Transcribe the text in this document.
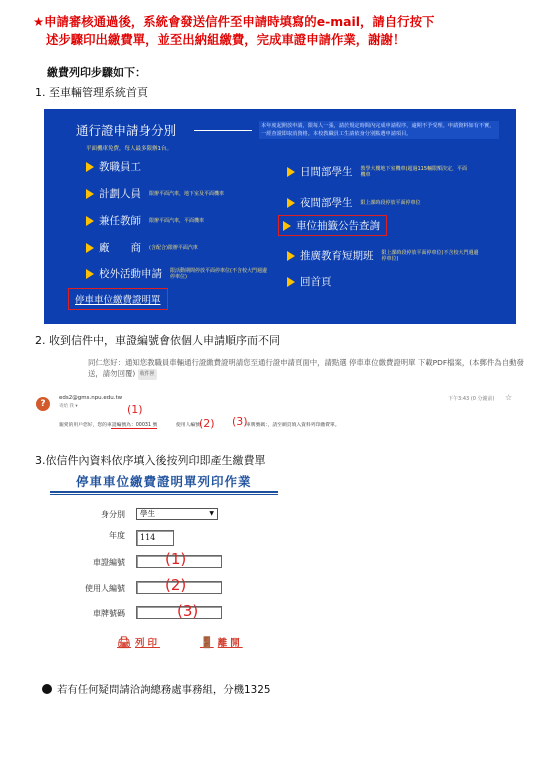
★申請審核通過後，系統會發送信件至申請時填寫的e-mail，請自行按下
述步驟印出繳費單，並至出納組繳費，完成車證申請作業，謝謝！
繳費列印步驟如下：
1. 至車輛管理系統首頁
通行證申請身分別	本年度起開放申請，限每人一張，請於規定時間內完成申請程序，逾期不予受理。申請資料如有不實，一經查證即取消資格。本校教職員工生請依身分別點選申請項目。
平面機車免費，每人最多限辦1台。
教職員工
計劃人員 限辦平面汽車，地下室及平面機車
兼任教師 限辦平面汽車，平面機車
廠　　商 (含配合)限辦平面汽車
校外活動申請 限活動期間停放平面停車位(不含校大門週邊停車位)
日間部學生 教學大樓地下室機車(超過115輛限額決定，平面機車
夜間部學生 限上課時段停放平面停車位
車位抽籤公告查詢
推廣教育短期班 限上課時段停放平面停車位(不含校大門週邊停車位)
回首頁
停車車位繳費證明單
2. 收到信件中，車證編號會依個人申請順序而不同
同仁您好：通知您教職員車輛通行證繳費證明請您至通行證申請頁面中，請點選 停車車位繳費證明單 下載PDF檔案，(本郵件為自動發送，請勿回覆) 收件匣
?
eds2@gms.npu.edu.tw
寄給 我 ▾
下午3:43 (0 分鐘前) ☆
(1)
(2) (3)
親愛的用戶您好，您的車證編號為：00031 號	使用人編號：	車牌號碼：，請至網頁填入資料列印繳費單。
3.依信件內資料依序填入後按列印即產生繳費單
停車車位繳費證明單列印作業
身分別	學生	▼
年度	114
車證編號	(1)
使用人編號	(2)
車牌號碼	(3)
🖨 列印	🚪 離開
若有任何疑問請洽詢總務處事務組，分機1325
